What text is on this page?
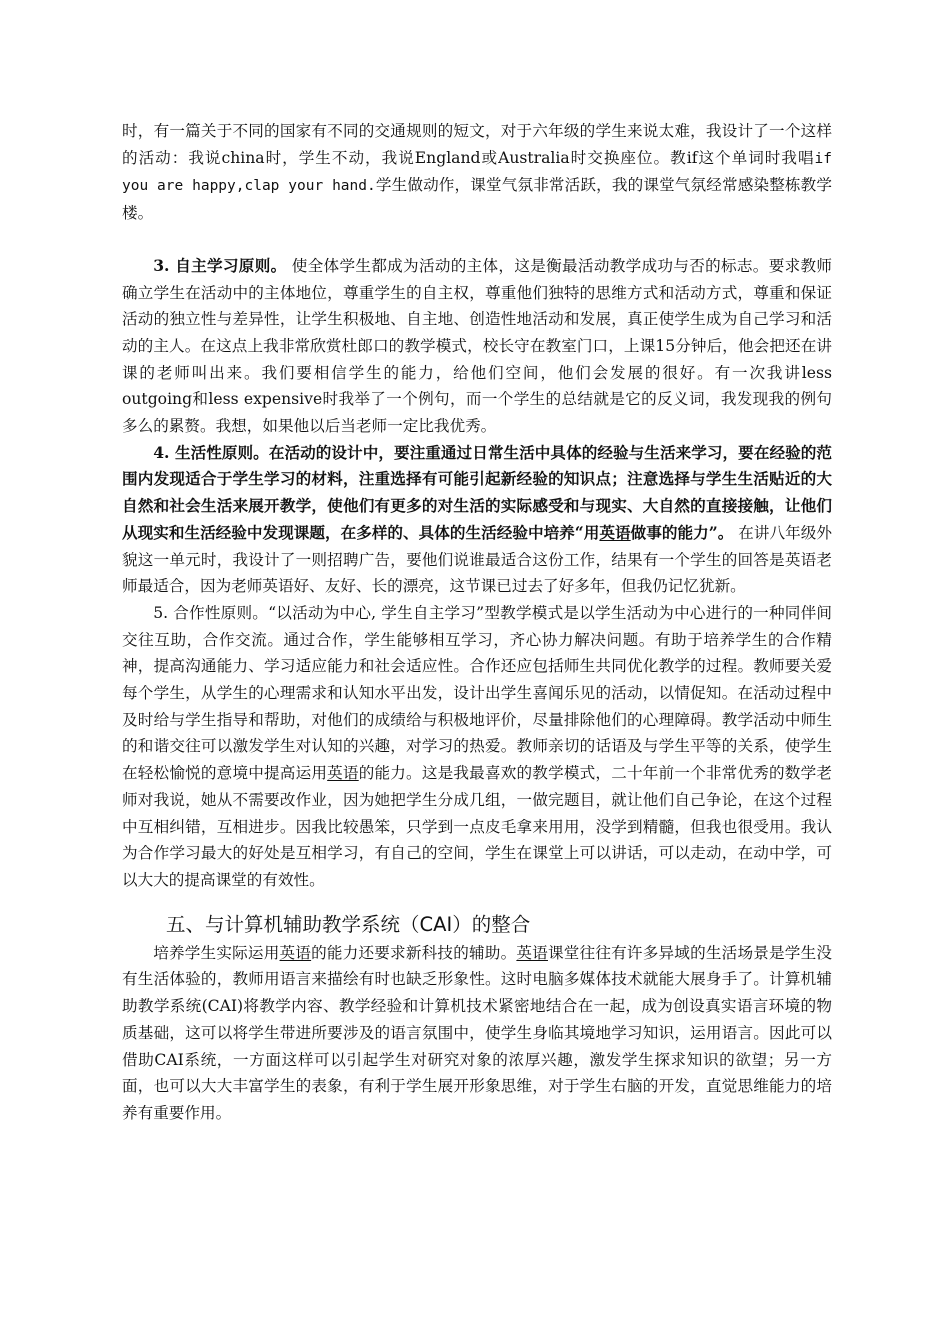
时，有一篇关于不同的国家有不同的交通规则的短文，对于六年级的学生来说太难，我设计了一个这样的活动：我说china时，学生不动，我说England或Australia时交换座位。教if这个单词时我唱if you are happy,clap your hand.学生做动作，课堂气氛非常活跃，我的课堂气氛经常感染整栋教学楼。

3. 自主学习原则。 使全体学生都成为活动的主体，这是衡最活动教学成功与否的标志。要求教师确立学生在活动中的主体地位，尊重学生的自主权，尊重他们独特的思维方式和活动方式，尊重和保证活动的独立性与差异性，让学生积极地、自主地、创造性地活动和发展，真正使学生成为自己学习和活动的主人。在这点上我非常欣赏杜郎口的教学模式，校长守在教室门口，上课15分钟后，他会把还在讲课的老师叫出来。我们要相信学生的能力，给他们空间，他们会发展的很好。有一次我讲less outgoing和less expensive时我举了一个例句，而一个学生的总结就是它的反义词，我发现我的例句多么的累赘。我想，如果他以后当老师一定比我优秀。

4. 生活性原则。在活动的设计中，要注重通过日常生活中具体的经验与生活来学习，要在经验的范围内发现适合于学生学习的材料，注重选择有可能引起新经验的知识点；注意选择与学生生活贴近的大自然和社会生活来展开教学，使他们有更多的对生活的实际感受和与现实、大自然的直接接触，让他们从现实和生活经验中发现课题，在多样的、具体的生活经验中培养“用英语做事的能力”。 在讲八年级外貌这一单元时，我设计了一则招聘广告，要他们说谁最适合这份工作，结果有一个学生的回答是英语老师最适合，因为老师英语好、友好、长的漂亮，这节课已过去了好多年，但我仍记忆犹新。

5. 合作性原则。“以活动为中心, 学生自主学习”型教学模式是以学生活动为中心进行的一种同伴间交往互助，合作交流。通过合作，学生能够相互学习，齐心协力解决问题。有助于培养学生的合作精神，提高沟通能力、学习适应能力和社会适应性。合作还应包括师生共同优化教学的过程。教师要关爱每个学生，从学生的心理需求和认知水平出发，设计出学生喜闻乐见的活动，以情促知。在活动过程中及时给与学生指导和帮助，对他们的成绩给与积极地评价，尽量排除他们的心理障碍。教学活动中师生的和谐交往可以激发学生对认知的兴趣，对学习的热爱。教师亲切的话语及与学生平等的关系，使学生在轻松愉悦的意境中提高运用英语的能力。这是我最喜欢的教学模式，二十年前一个非常优秀的数学老师对我说，她从不需要改作业，因为她把学生分成几组，一做完题目，就让他们自己争论，在这个过程中互相纠错，互相进步。因我比较愚笨，只学到一点皮毛拿来用用，没学到精髓，但我也很受用。我认为合作学习最大的好处是互相学习，有自己的空间，学生在课堂上可以讲话，可以走动，在动中学，可以大大的提高课堂的有效性。

五、与计算机辅助教学系统（CAI）的整合

培养学生实际运用英语的能力还要求新科技的辅助。英语课堂往往有许多异域的生活场景是学生没有生活体验的，教师用语言来描绘有时也缺乏形象性。这时电脑多媒体技术就能大展身手了。计算机辅助教学系统(CAI)将教学内容、教学经验和计算机技术紧密地结合在一起，成为创设真实语言环境的物质基础，这可以将学生带进所要涉及的语言氛围中，使学生身临其境地学习知识，运用语言。因此可以借助CAI系统，一方面这样可以引起学生对研究对象的浓厚兴趣，激发学生探求知识的欲望；另一方面，也可以大大丰富学生的表象，有利于学生展开形象思维，对于学生右脑的开发，直觉思维能力的培养有重要作用。
